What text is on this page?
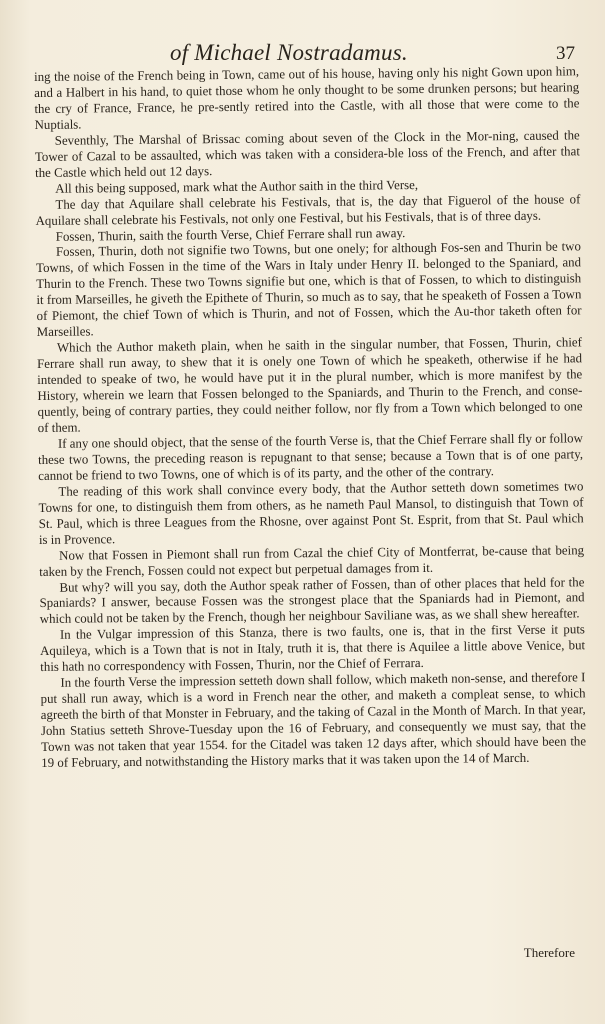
of Michael Nostradamus.	37

ing the noise of the French being in Town, came out of his house, having only his night Gown upon him, and a Halbert in his hand, to quiet those whom he only thought to be some drunken persons; but hearing the cry of France, France, he pre-sently retired into the Castle, with all those that were come to the Nuptials.

Seventhly, The Marshal of Brissac coming about seven of the Clock in the Mor-ning, caused the Tower of Cazal to be assaulted, which was taken with a considera-ble loss of the French, and after that the Castle which held out 12 days.

All this being supposed, mark what the Author saith in the third Verse,

The day that Aquilare shall celebrate his Festivals, that is, the day that Figuerol of the house of Aquilare shall celebrate his Festivals, not only one Festival, but his Festivals, that is of three days.

Fossen, Thurin, saith the fourth Verse, Chief Ferrare shall run away.

Fossen, Thurin, doth not signifie two Towns, but one onely; for although Fos-sen and Thurin be two Towns, of which Fossen in the time of the Wars in Italy under Henry II. belonged to the Spaniard, and Thurin to the French. These two Towns signifie but one, which is that of Fossen, to which to distinguish it from Marseilles, he giveth the Epithete of Thurin, so much as to say, that he speaketh of Fossen a Town of Piemont, the chief Town of which is Thurin, and not of Fossen, which the Au-thor taketh often for Marseilles.

Which the Author maketh plain, when he saith in the singular number, that Fossen, Thurin, chief Ferrare shall run away, to shew that it is onely one Town of which he speaketh, otherwise if he had intended to speake of two, he would have put it in the plural number, which is more manifest by the History, wherein we learn that Fossen belonged to the Spaniards, and Thurin to the French, and conse-quently, being of contrary parties, they could neither follow, nor fly from a Town which belonged to one of them.

If any one should object, that the sense of the fourth Verse is, that the Chief Ferrare shall fly or follow these two Towns, the preceding reason is repugnant to that sense; because a Town that is of one party, cannot be friend to two Towns, one of which is of its party, and the other of the contrary.

The reading of this work shall convince every body, that the Author setteth down sometimes two Towns for one, to distinguish them from others, as he nameth Paul Mansol, to distinguish that Town of St. Paul, which is three Leagues from the Rhosne, over against Pont St. Esprit, from that St. Paul which is in Provence.

Now that Fossen in Piemont shall run from Cazal the chief City of Montferrat, be-cause that being taken by the French, Fossen could not expect but perpetual damages from it.

But why? will you say, doth the Author speak rather of Fossen, than of other places that held for the Spaniards? I answer, because Fossen was the strongest place that the Spaniards had in Piemont, and which could not be taken by the French, though her neighbour Saviliane was, as we shall shew hereafter.

In the Vulgar impression of this Stanza, there is two faults, one is, that in the first Verse it puts Aquileya, which is a Town that is not in Italy, truth it is, that there is Aquilee a little above Venice, but this hath no correspondency with Fossen, Thurin, nor the Chief of Ferrara.

In the fourth Verse the impression setteth down shall follow, which maketh non-sense, and therefore I put shall run away, which is a word in French near the other, and maketh a compleat sense, to which agreeth the birth of that Monster in February, and the taking of Cazal in the Month of March. In that year, John Statius setteth Shrove-Tuesday upon the 16 of February, and consequently we must say, that the Town was not taken that year 1554. for the Citadel was taken 12 days after, which should have been the 19 of February, and notwithstanding the History marks that it was taken upon the 14 of March.

Therefore
